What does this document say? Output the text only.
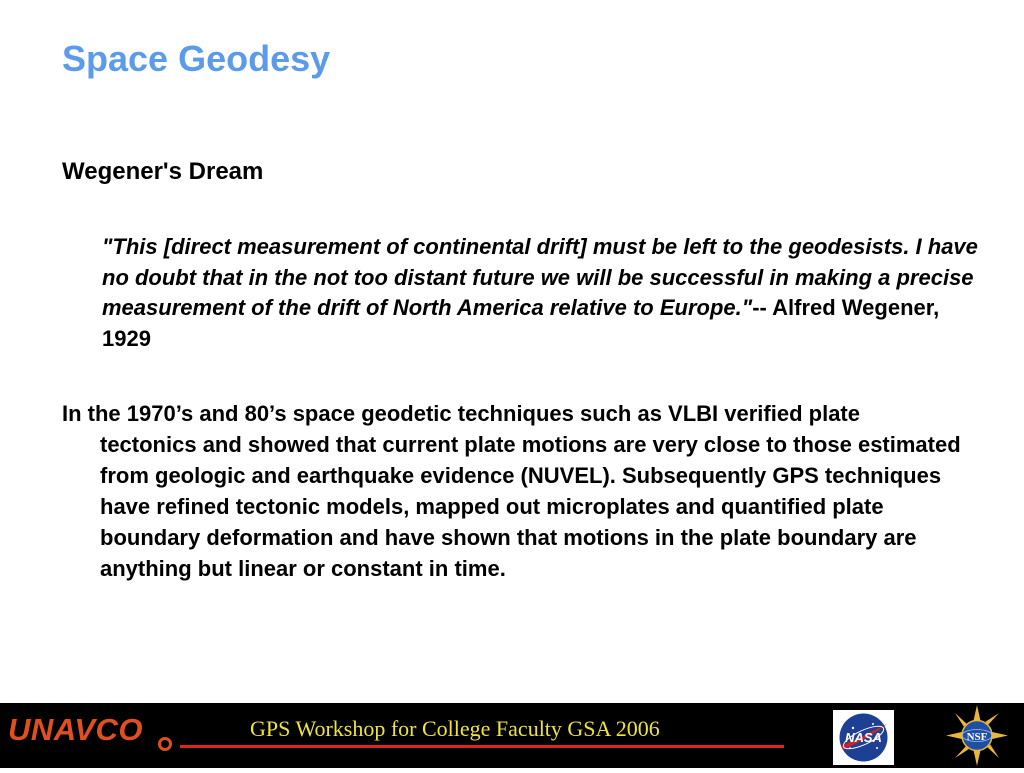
Space Geodesy
Wegener's Dream

"This [direct measurement of continental drift] must be left to the geodesists. I have no doubt that in the not too distant future we will be successful in making a precise measurement of the drift of North America relative to Europe."-- Alfred Wegener, 1929

In the 1970’s and 80’s space geodetic techniques such as VLBI verified plate tectonics and showed that current plate motions are very close to those estimated from geologic and earthquake evidence (NUVEL). Subsequently GPS techniques have refined tectonic models, mapped out microplates and quantified plate boundary deformation and have shown that motions in the plate boundary are anything but linear or constant in time.

UNAVCO	GPS Workshop for College Faculty GSA 2006	NASA	NSF
